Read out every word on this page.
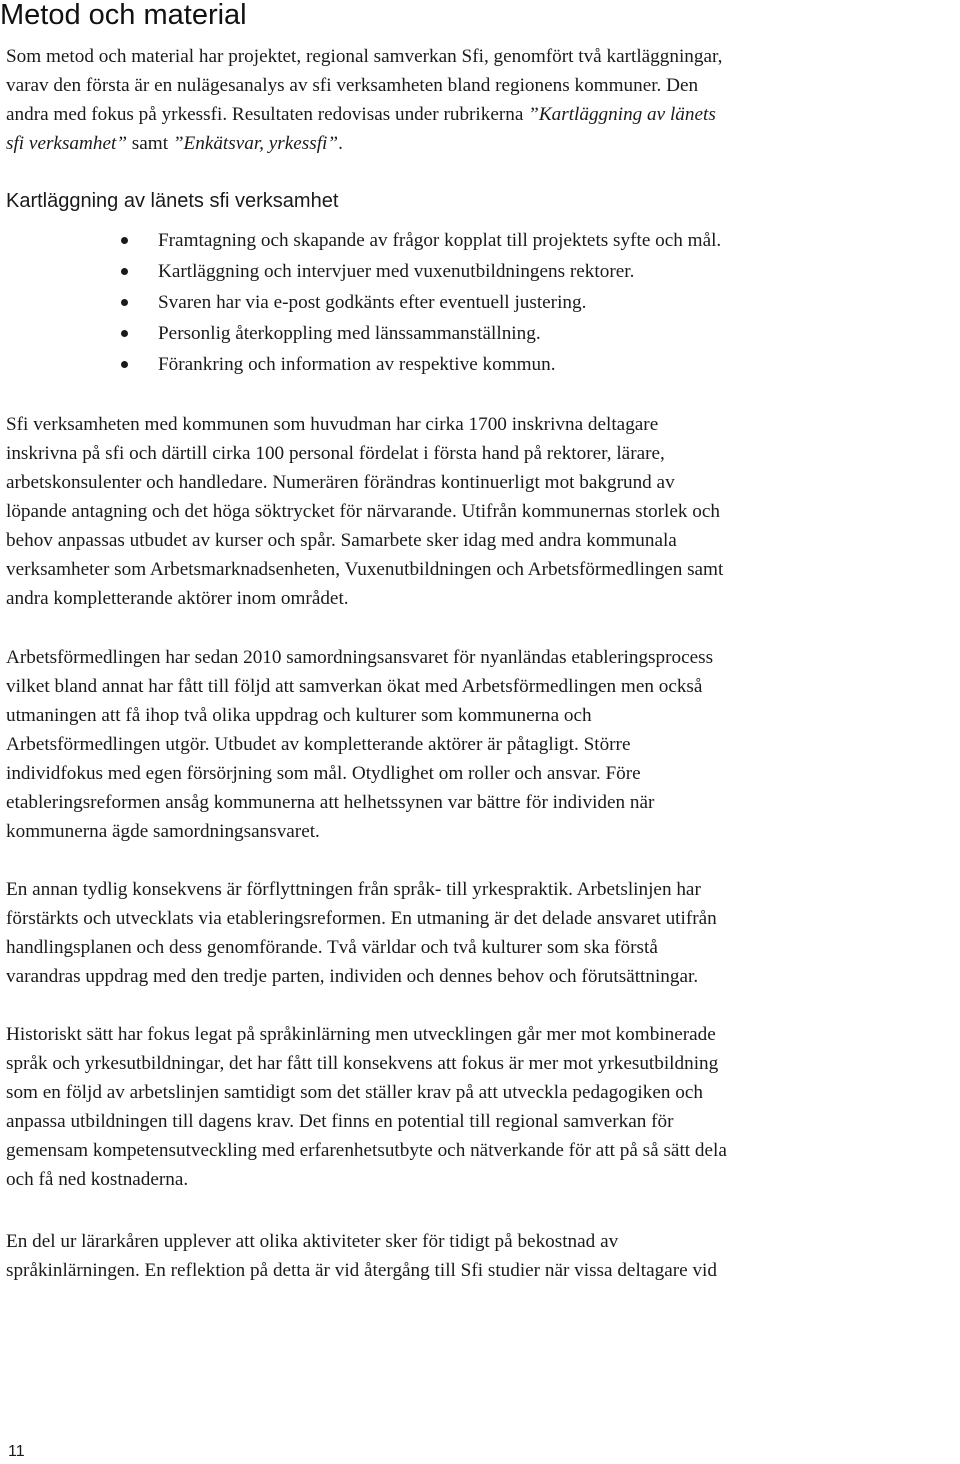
Metod och material

Som metod och material har projektet, regional samverkan Sfi, genomfört två kartläggningar,
varav den första är en nulägesanalys av sfi verksamheten bland regionens kommuner. Den
andra med fokus på yrkessfi. Resultaten redovisas under rubrikerna ”Kartläggning av länets
sfi verksamhet” samt ”Enkätsvar, yrkessfi”.

Kartläggning av länets sfi verksamhet
Framtagning och skapande av frågor kopplat till projektets syfte och mål.
Kartläggning och intervjuer med vuxenutbildningens rektorer.
Svaren har via e-post godkänts efter eventuell justering.
Personlig återkoppling med länssammanställning.
Förankring och information av respektive kommun.

Sfi verksamheten med kommunen som huvudman har cirka 1700 inskrivna deltagare
inskrivna på sfi och därtill cirka 100 personal fördelat i första hand på rektorer, lärare,
arbetskonsulenter och handledare. Numerären förändras kontinuerligt mot bakgrund av
löpande antagning och det höga söktrycket för närvarande. Utifrån kommunernas storlek och
behov anpassas utbudet av kurser och spår. Samarbete sker idag med andra kommunala
verksamheter som Arbetsmarknadsenheten, Vuxenutbildningen och Arbetsförmedlingen samt
andra kompletterande aktörer inom området.

Arbetsförmedlingen har sedan 2010 samordningsansvaret för nyanländas etableringsprocess
vilket bland annat har fått till följd att samverkan ökat med Arbetsförmedlingen men också
utmaningen att få ihop två olika uppdrag och kulturer som kommunerna och
Arbetsförmedlingen utgör. Utbudet av kompletterande aktörer är påtagligt. Större
individfokus med egen försörjning som mål. Otydlighet om roller och ansvar. Före
etableringsreformen ansåg kommunerna att helhetssynen var bättre för individen när
kommunerna ägde samordningsansvaret.

En annan tydlig konsekvens är förflyttningen från språk- till yrkespraktik. Arbetslinjen har
förstärkts och utvecklats via etableringsreformen. En utmaning är det delade ansvaret utifrån
handlingsplanen och dess genomförande. Två världar och två kulturer som ska förstå
varandras uppdrag med den tredje parten, individen och dennes behov och förutsättningar.

Historiskt sätt har fokus legat på språkinlärning men utvecklingen går mer mot kombinerade
språk och yrkesutbildningar, det har fått till konsekvens att fokus är mer mot yrkesutbildning
som en följd av arbetslinjen samtidigt som det ställer krav på att utveckla pedagogiken och
anpassa utbildningen till dagens krav. Det finns en potential till regional samverkan för
gemensam kompetensutveckling med erfarenhetsutbyte och nätverkande för att på så sätt dela
och få ned kostnaderna.

En del ur lärarkåren upplever att olika aktiviteter sker för tidigt på bekostnad av
språkinlärningen. En reflektion på detta är vid återgång till Sfi studier när vissa deltagare vid

11
